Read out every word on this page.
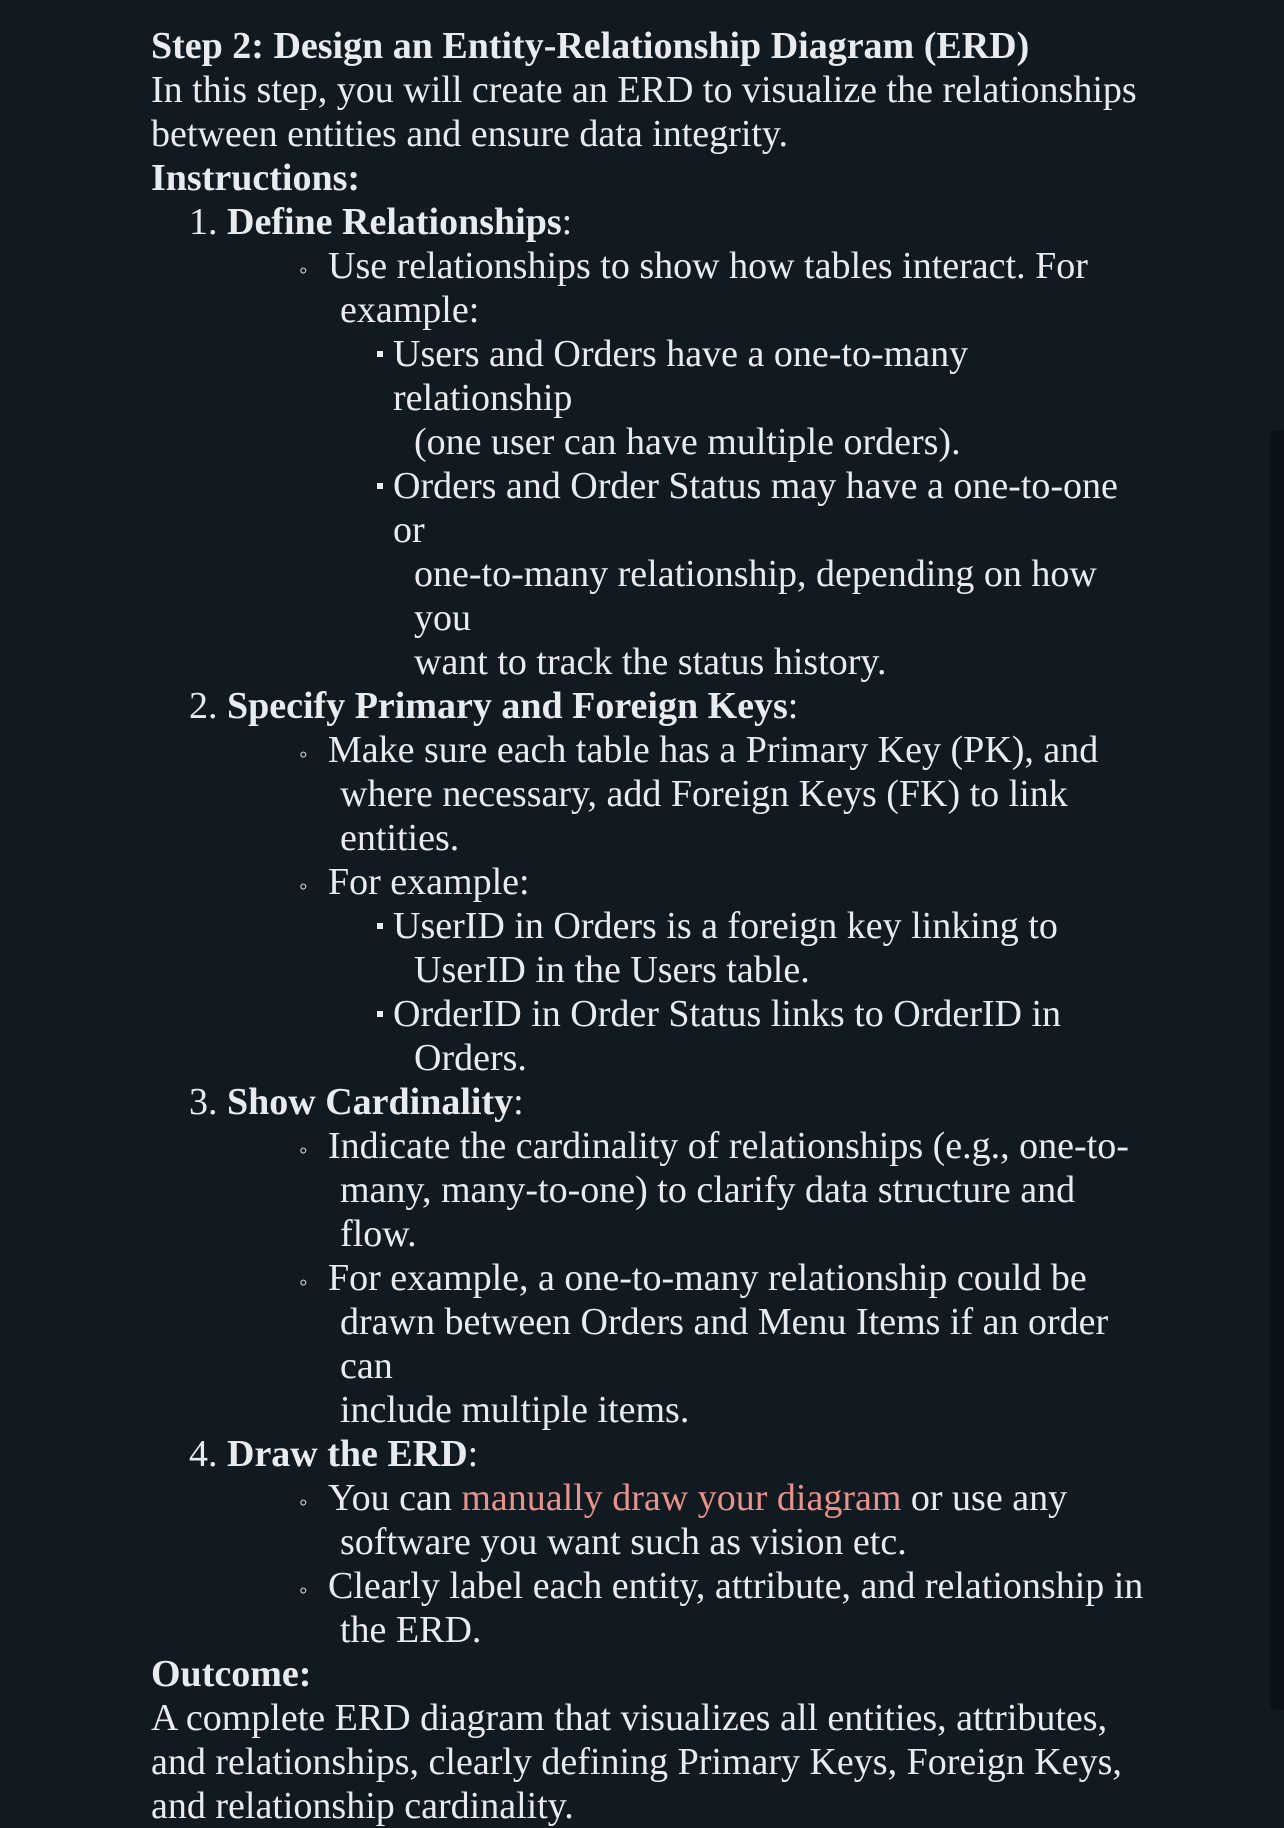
Step 2: Design an Entity-Relationship Diagram (ERD)
In this step, you will create an ERD to visualize the relationships
between entities and ensure data integrity.
Instructions:
1. Define Relationships:
◦ Use relationships to show how tables interact. For
example:
Users and Orders have a one-to-many relationship
(one user can have multiple orders).
Orders and Order Status may have a one-to-one or
one-to-many relationship, depending on how you
want to track the status history.
2. Specify Primary and Foreign Keys:
◦ Make sure each table has a Primary Key (PK), and
where necessary, add Foreign Keys (FK) to link
entities.
◦ For example:
UserID in Orders is a foreign key linking to
UserID in the Users table.
OrderID in Order Status links to OrderID in
Orders.
3. Show Cardinality:
◦ Indicate the cardinality of relationships (e.g., one-to-
many, many-to-one) to clarify data structure and flow.
◦ For example, a one-to-many relationship could be
drawn between Orders and Menu Items if an order can
include multiple items.
4. Draw the ERD:
◦ You can manually draw your diagram or use any
software you want such as vision etc.
◦ Clearly label each entity, attribute, and relationship in
the ERD.
Outcome:
A complete ERD diagram that visualizes all entities, attributes,
and relationships, clearly defining Primary Keys, Foreign Keys,
and relationship cardinality.
